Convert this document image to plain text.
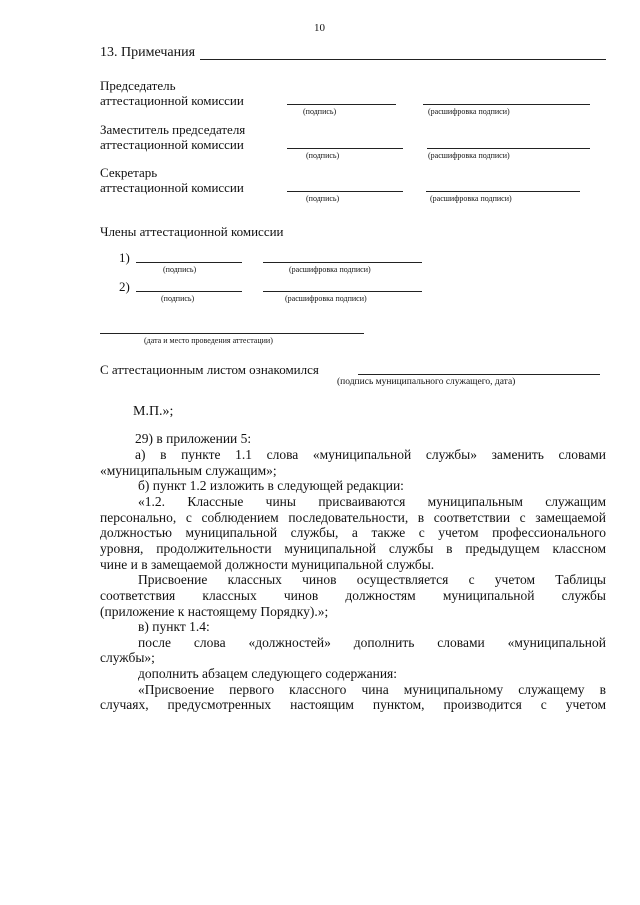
10
13. Примечания
Председатель
аттестационной комиссии
(подпись)	(расшифровка подписи)
Заместитель председателя
аттестационной комиссии
(подпись)	(расшифровка подписи)
Секретарь
аттестационной комиссии
(подпись)	(расшифровка подписи)
Члены аттестационной комиссии
1)
(подпись)	(расшифровка подписи)
2)
(подпись)	(расшифровка подписи)
(дата и место проведения аттестации)
С аттестационным листом ознакомился
(подпись муниципального служащего, дата)
М.П.»;
29) в приложении 5:
а) в пункте 1.1 слова «муниципальной службы» заменить словами
«муниципальным служащим»;
б) пункт 1.2 изложить в следующей редакции:
«1.2. Классные чины присваиваются муниципальным служащим
персонально, с соблюдением последовательности, в соответствии с замещаемой
должностью муниципальной службы, а также с учетом профессионального
уровня, продолжительности муниципальной службы в предыдущем классном
чине и в замещаемой должности муниципальной службы.
Присвоение классных чинов осуществляется с учетом Таблицы
соответствия классных чинов должностям муниципальной службы
(приложение к настоящему Порядку).»;
в) пункт 1.4:
после слова «должностей» дополнить словами «муниципальной
службы»;
дополнить абзацем следующего содержания:
«Присвоение первого классного чина муниципальному служащему в
случаях, предусмотренных настоящим пунктом, производится с учетом
